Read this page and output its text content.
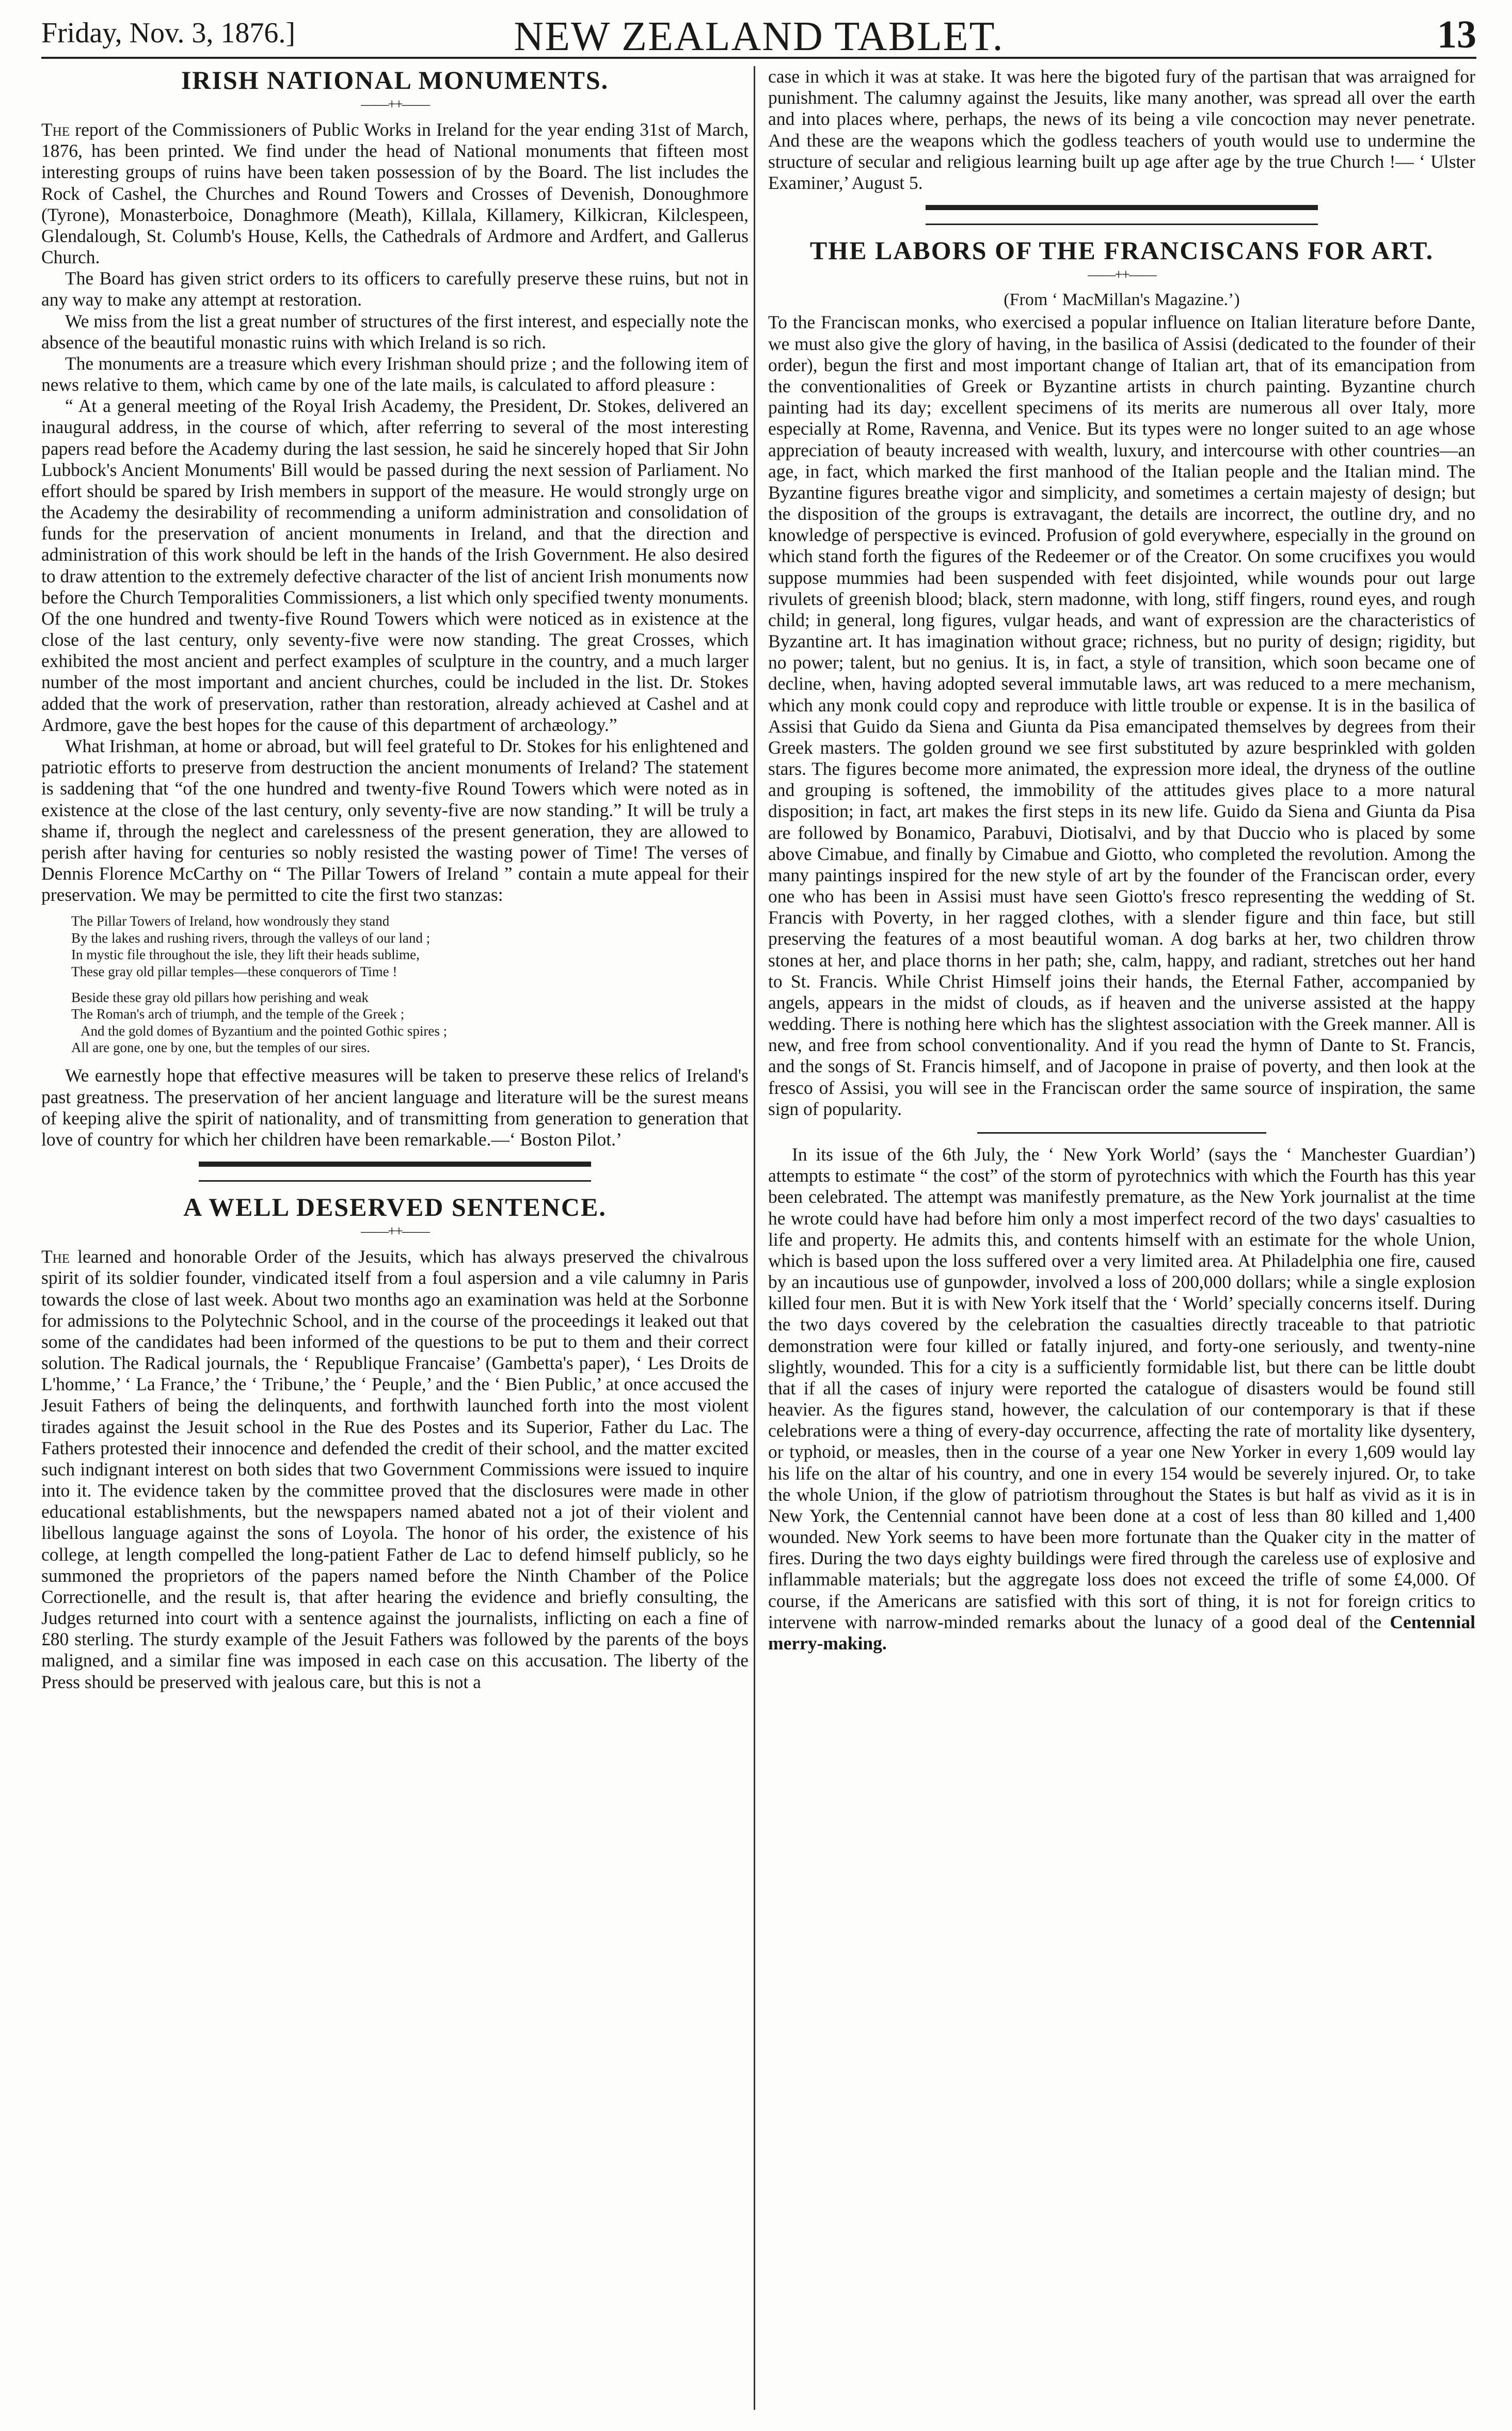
Friday, Nov. 3, 1876.]	NEW ZEALAND TABLET.	13
IRISH NATIONAL MONUMENTS.
——++——

The report of the Commissioners of Public Works in Ireland for the year ending 31st of March, 1876, has been printed. We find under the head of National monuments that fifteen most interesting groups of ruins have been taken possession of by the Board. The list includes the Rock of Cashel, the Churches and Round Towers and Crosses of Devenish, Donoughmore (Tyrone), Monasterboice, Donaghmore (Meath), Killala, Killamery, Kilkicran, Kilclespeen, Glendalough, St. Columb's House, Kells, the Cathedrals of Ardmore and Ardfert, and Gallerus Church.

The Board has given strict orders to its officers to carefully preserve these ruins, but not in any way to make any attempt at restoration.

We miss from the list a great number of structures of the first interest, and especially note the absence of the beautiful monastic ruins with which Ireland is so rich.

The monuments are a treasure which every Irishman should prize ; and the following item of news relative to them, which came by one of the late mails, is calculated to afford pleasure :

“ At a general meeting of the Royal Irish Academy, the President, Dr. Stokes, delivered an inaugural address, in the course of which, after referring to several of the most interesting papers read before the Academy during the last session, he said he sincerely hoped that Sir John Lubbock's Ancient Monuments' Bill would be passed during the next session of Parliament. No effort should be spared by Irish members in support of the measure. He would strongly urge on the Academy the desirability of recommending a uniform administration and consolidation of funds for the preservation of ancient monuments in Ireland, and that the direction and administration of this work should be left in the hands of the Irish Government. He also desired to draw attention to the extremely defective character of the list of ancient Irish monuments now before the Church Temporalities Commissioners, a list which only specified twenty monuments. Of the one hundred and twenty-five Round Towers which were noticed as in existence at the close of the last century, only seventy-five were now standing. The great Crosses, which exhibited the most ancient and perfect examples of sculpture in the country, and a much larger number of the most important and ancient churches, could be included in the list. Dr. Stokes added that the work of preservation, rather than restoration, already achieved at Cashel and at Ardmore, gave the best hopes for the cause of this department of archæology.”

What Irishman, at home or abroad, but will feel grateful to Dr. Stokes for his enlightened and patriotic efforts to preserve from destruction the ancient monuments of Ireland? The statement is saddening that “of the one hundred and twenty-five Round Towers which were noted as in existence at the close of the last century, only seventy-five are now standing.” It will be truly a shame if, through the neglect and carelessness of the present generation, they are allowed to perish after having for centuries so nobly resisted the wasting power of Time! The verses of Dennis Florence McCarthy on “ The Pillar Towers of Ireland ” contain a mute appeal for their preservation. We may be permitted to cite the first two stanzas:

The Pillar Towers of Ireland, how wondrously they stand
By the lakes and rushing rivers, through the valleys of our land ;
In mystic file throughout the isle, they lift their heads sublime,
These gray old pillar temples—these conquerors of Time !
Beside these gray old pillars how perishing and weak
The Roman's arch of triumph, and the temple of the Greek ;
And the gold domes of Byzantium and the pointed Gothic spires ;
All are gone, one by one, but the temples of our sires.

We earnestly hope that effective measures will be taken to preserve these relics of Ireland's past greatness. The preservation of her ancient language and literature will be the surest means of keeping alive the spirit of nationality, and of transmitting from generation to generation that love of country for which her children have been remarkable.—‘ Boston Pilot.’

A WELL DESERVED SENTENCE.
——++——

The learned and honorable Order of the Jesuits, which has always preserved the chivalrous spirit of its soldier founder, vindicated itself from a foul aspersion and a vile calumny in Paris towards the close of last week. About two months ago an examination was held at the Sorbonne for admissions to the Polytechnic School, and in the course of the proceedings it leaked out that some of the candidates had been informed of the questions to be put to them and their correct solution. The Radical journals, the ‘ Republique Francaise’ (Gambetta's paper), ‘ Les Droits de L'homme,’ ‘ La France,’ the ‘ Tribune,’ the ‘ Peuple,’ and the ‘ Bien Public,’ at once accused the Jesuit Fathers of being the delinquents, and forthwith launched forth into the most violent tirades against the Jesuit school in the Rue des Postes and its Superior, Father du Lac. The Fathers protested their innocence and defended the credit of their school, and the matter excited such indignant interest on both sides that two Government Commissions were issued to inquire into it. The evidence taken by the committee proved that the disclosures were made in other educational establishments, but the newspapers named abated not a jot of their violent and libellous language against the sons of Loyola. The honor of his order, the existence of his college, at length compelled the long-patient Father de Lac to defend himself publicly, so he summoned the proprietors of the papers named before the Ninth Chamber of the Police Correctionelle, and the result is, that after hearing the evidence and briefly consulting, the Judges returned into court with a sentence against the journalists, inflicting on each a fine of £80 sterling. The sturdy example of the Jesuit Fathers was followed by the parents of the boys maligned, and a similar fine was imposed in each case on this accusation. The liberty of the Press should be preserved with jealous care, but this is not a

case in which it was at stake. It was here the bigoted fury of the partisan that was arraigned for punishment. The calumny against the Jesuits, like many another, was spread all over the earth and into places where, perhaps, the news of its being a vile concoction may never penetrate. And these are the weapons which the godless teachers of youth would use to undermine the structure of secular and religious learning built up age after age by the true Church !— ‘ Ulster Examiner,’ August 5.

THE LABORS OF THE FRANCISCANS FOR ART.
——++——
(From ‘ MacMillan's Magazine.’)

To the Franciscan monks, who exercised a popular influence on Italian literature before Dante, we must also give the glory of having, in the basilica of Assisi (dedicated to the founder of their order), begun the first and most important change of Italian art, that of its emancipation from the conventionalities of Greek or Byzantine artists in church painting. Byzantine church painting had its day; excellent specimens of its merits are numerous all over Italy, more especially at Rome, Ravenna, and Venice. But its types were no longer suited to an age whose appreciation of beauty increased with wealth, luxury, and intercourse with other countries—an age, in fact, which marked the first manhood of the Italian people and the Italian mind. The Byzantine figures breathe vigor and simplicity, and sometimes a certain majesty of design; but the disposition of the groups is extravagant, the details are incorrect, the outline dry, and no knowledge of perspective is evinced. Profusion of gold everywhere, especially in the ground on which stand forth the figures of the Redeemer or of the Creator. On some crucifixes you would suppose mummies had been suspended with feet disjointed, while wounds pour out large rivulets of greenish blood; black, stern madonne, with long, stiff fingers, round eyes, and rough child; in general, long figures, vulgar heads, and want of expression are the characteristics of Byzantine art. It has imagination without grace; richness, but no purity of design; rigidity, but no power; talent, but no genius. It is, in fact, a style of transition, which soon became one of decline, when, having adopted several immutable laws, art was reduced to a mere mechanism, which any monk could copy and reproduce with little trouble or expense. It is in the basilica of Assisi that Guido da Siena and Giunta da Pisa emancipated themselves by degrees from their Greek masters. The golden ground we see first substituted by azure besprinkled with golden stars. The figures become more animated, the expression more ideal, the dryness of the outline and grouping is softened, the immobility of the attitudes gives place to a more natural disposition; in fact, art makes the first steps in its new life. Guido da Siena and Giunta da Pisa are followed by Bonamico, Parabuvi, Diotisalvi, and by that Duccio who is placed by some above Cimabue, and finally by Cimabue and Giotto, who completed the revolution. Among the many paintings inspired for the new style of art by the founder of the Franciscan order, every one who has been in Assisi must have seen Giotto's fresco representing the wedding of St. Francis with Poverty, in her ragged clothes, with a slender figure and thin face, but still preserving the features of a most beautiful woman. A dog barks at her, two children throw stones at her, and place thorns in her path; she, calm, happy, and radiant, stretches out her hand to St. Francis. While Christ Himself joins their hands, the Eternal Father, accompanied by angels, appears in the midst of clouds, as if heaven and the universe assisted at the happy wedding. There is nothing here which has the slightest association with the Greek manner. All is new, and free from school conventionality. And if you read the hymn of Dante to St. Francis, and the songs of St. Francis himself, and of Jacopone in praise of poverty, and then look at the fresco of Assisi, you will see in the Franciscan order the same source of inspiration, the same sign of popularity.

In its issue of the 6th July, the ‘ New York World’ (says the ‘ Manchester Guardian’) attempts to estimate “ the cost” of the storm of pyrotechnics with which the Fourth has this year been celebrated. The attempt was manifestly premature, as the New York journalist at the time he wrote could have had before him only a most imperfect record of the two days' casualties to life and property. He admits this, and contents himself with an estimate for the whole Union, which is based upon the loss suffered over a very limited area. At Philadelphia one fire, caused by an incautious use of gunpowder, involved a loss of 200,000 dollars; while a single explosion killed four men. But it is with New York itself that the ‘ World’ specially concerns itself. During the two days covered by the celebration the casualties directly traceable to that patriotic demonstration were four killed or fatally injured, and forty-one seriously, and twenty-nine slightly, wounded. This for a city is a sufficiently formidable list, but there can be little doubt that if all the cases of injury were reported the catalogue of disasters would be found still heavier. As the figures stand, however, the calculation of our contemporary is that if these celebrations were a thing of every-day occurrence, affecting the rate of mortality like dysentery, or typhoid, or measles, then in the course of a year one New Yorker in every 1,609 would lay his life on the altar of his country, and one in every 154 would be severely injured. Or, to take the whole Union, if the glow of patriotism throughout the States is but half as vivid as it is in New York, the Centennial cannot have been done at a cost of less than 80 killed and 1,400 wounded. New York seems to have been more fortunate than the Quaker city in the matter of fires. During the two days eighty buildings were fired through the careless use of explosive and inflammable materials; but the aggregate loss does not exceed the trifle of some £4,000. Of course, if the Americans are satisfied with this sort of thing, it is not for foreign critics to intervene with narrow-minded remarks about the lunacy of a good deal of the Centennial merry-making.
